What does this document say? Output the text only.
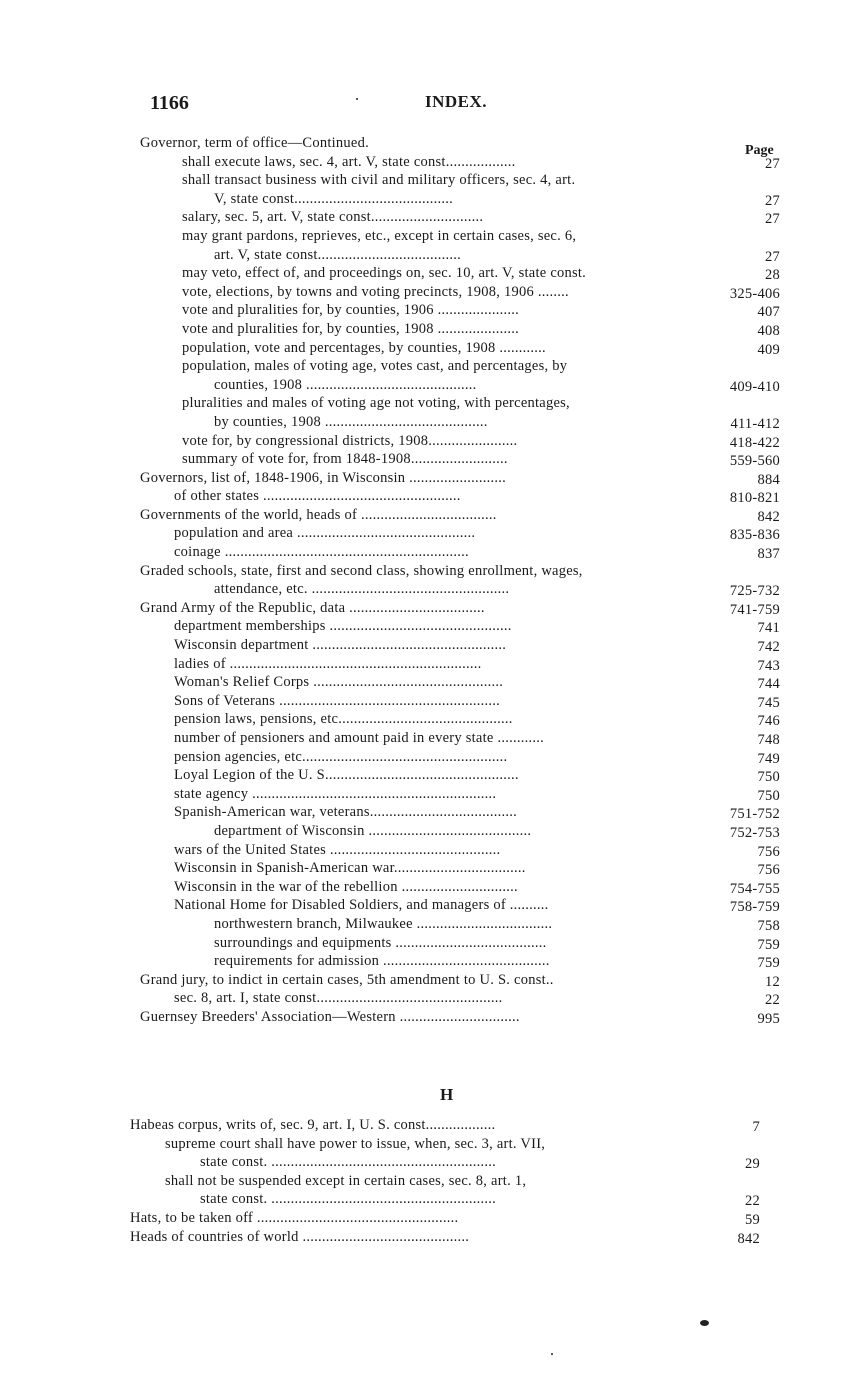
1166	INDEX.
Page
Governor, term of office—Continued.
shall execute laws, sec. 4, art. V, state const..................	27
shall transact business with civil and military officers, sec. 4, art.
V, state const.........................................	27
salary, sec. 5, art. V, state const.............................	27
may grant pardons, reprieves, etc., except in certain cases, sec. 6,
art. V, state const.....................................	27
may veto, effect of, and proceedings on, sec. 10, art. V, state const.	28
vote, elections, by towns and voting precincts, 1908, 1906 ........	325-406
vote and pluralities for, by counties, 1906 .....................	407
vote and pluralities for, by counties, 1908 .....................	408
population, vote and percentages, by counties, 1908 ............	409
population, males of voting age, votes cast, and percentages, by
counties, 1908 ............................................	409-410
pluralities and males of voting age not voting, with percentages,
by counties, 1908 ..........................................	411-412
vote for, by congressional districts, 1908.......................	418-422
summary of vote for, from 1848-1908.........................	559-560
Governors, list of, 1848-1906, in Wisconsin .........................	884
of other states ...................................................	810-821
Governments of the world, heads of ...................................	842
population and area ..............................................	835-836
coinage ...............................................................	837
Graded schools, state, first and second class, showing enrollment, wages,
attendance, etc. ...................................................	725-732
Grand Army of the Republic, data ...................................	741-759
department memberships ...............................................	741
Wisconsin department ..................................................	742
ladies of .................................................................	743
Woman's Relief Corps .................................................	744
Sons of Veterans .........................................................	745
pension laws, pensions, etc.............................................	746
number of pensioners and amount paid in every state ............	748
pension agencies, etc.....................................................	749
Loyal Legion of the U. S..................................................	750
state agency ...............................................................	750
Spanish-American war, veterans......................................	751-752
department of Wisconsin ..........................................	752-753
wars of the United States ............................................	756
Wisconsin in Spanish-American war..................................	756
Wisconsin in the war of the rebellion ..............................	754-755
National Home for Disabled Soldiers, and managers of ..........	758-759
northwestern branch, Milwaukee ...................................	758
surroundings and equipments .......................................	759
requirements for admission ...........................................	759
Grand jury, to indict in certain cases, 5th amendment to U. S. const..	12
sec. 8, art. I, state const................................................	22
Guernsey Breeders' Association—Western ...............................	995
H
Habeas corpus, writs of, sec. 9, art. I, U. S. const..................	7
supreme court shall have power to issue, when, sec. 3, art. VII,
state const. ..........................................................	29
shall not be suspended except in certain cases, sec. 8, art. 1,
state const. ..........................................................	22
Hats, to be taken off ....................................................	59
Heads of countries of world ...........................................	842
